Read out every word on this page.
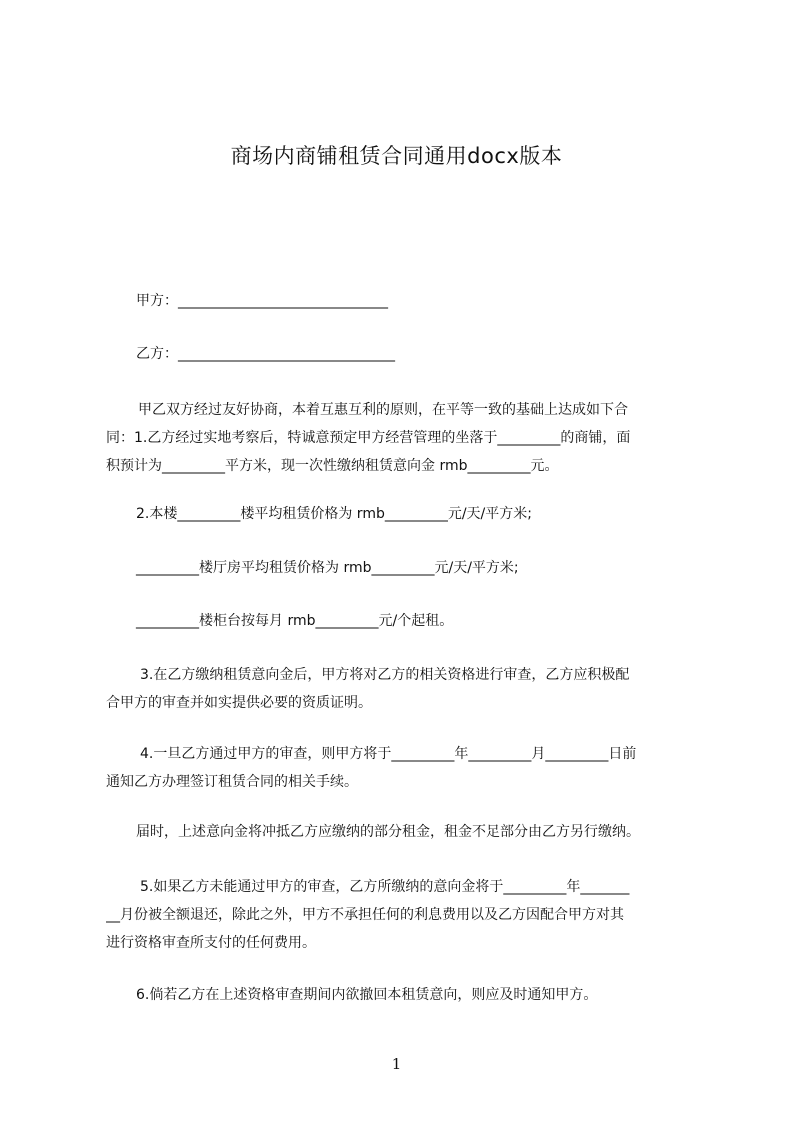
商场内商铺租赁合同通用docx版本
甲方：______________________________
乙方：_______________________________
甲乙双方经过友好协商，本着互惠互利的原则，在平等一致的基础上达成如下合
同：1.乙方经过实地考察后，特诚意预定甲方经营管理的坐落于_________的商铺，面
积预计为_________平方米，现一次性缴纳租赁意向金 rmb_________元。
2.本楼_________楼平均租赁价格为 rmb_________元/天/平方米;
_________楼厅房平均租赁价格为 rmb_________元/天/平方米;
_________楼柜台按每月 rmb_________元/个起租。
3.在乙方缴纳租赁意向金后，甲方将对乙方的相关资格进行审查，乙方应积极配
合甲方的审查并如实提供必要的资质证明。
4.一旦乙方通过甲方的审查，则甲方将于_________年_________月_________日前
通知乙方办理签订租赁合同的相关手续。
届时，上述意向金将冲抵乙方应缴纳的部分租金，租金不足部分由乙方另行缴纳。
5.如果乙方未能通过甲方的审查，乙方所缴纳的意向金将于_________年_______
__月份被全额退还，除此之外，甲方不承担任何的利息费用以及乙方因配合甲方对其
进行资格审查所支付的任何费用。
6.倘若乙方在上述资格审查期间内欲撤回本租赁意向，则应及时通知甲方。
1
